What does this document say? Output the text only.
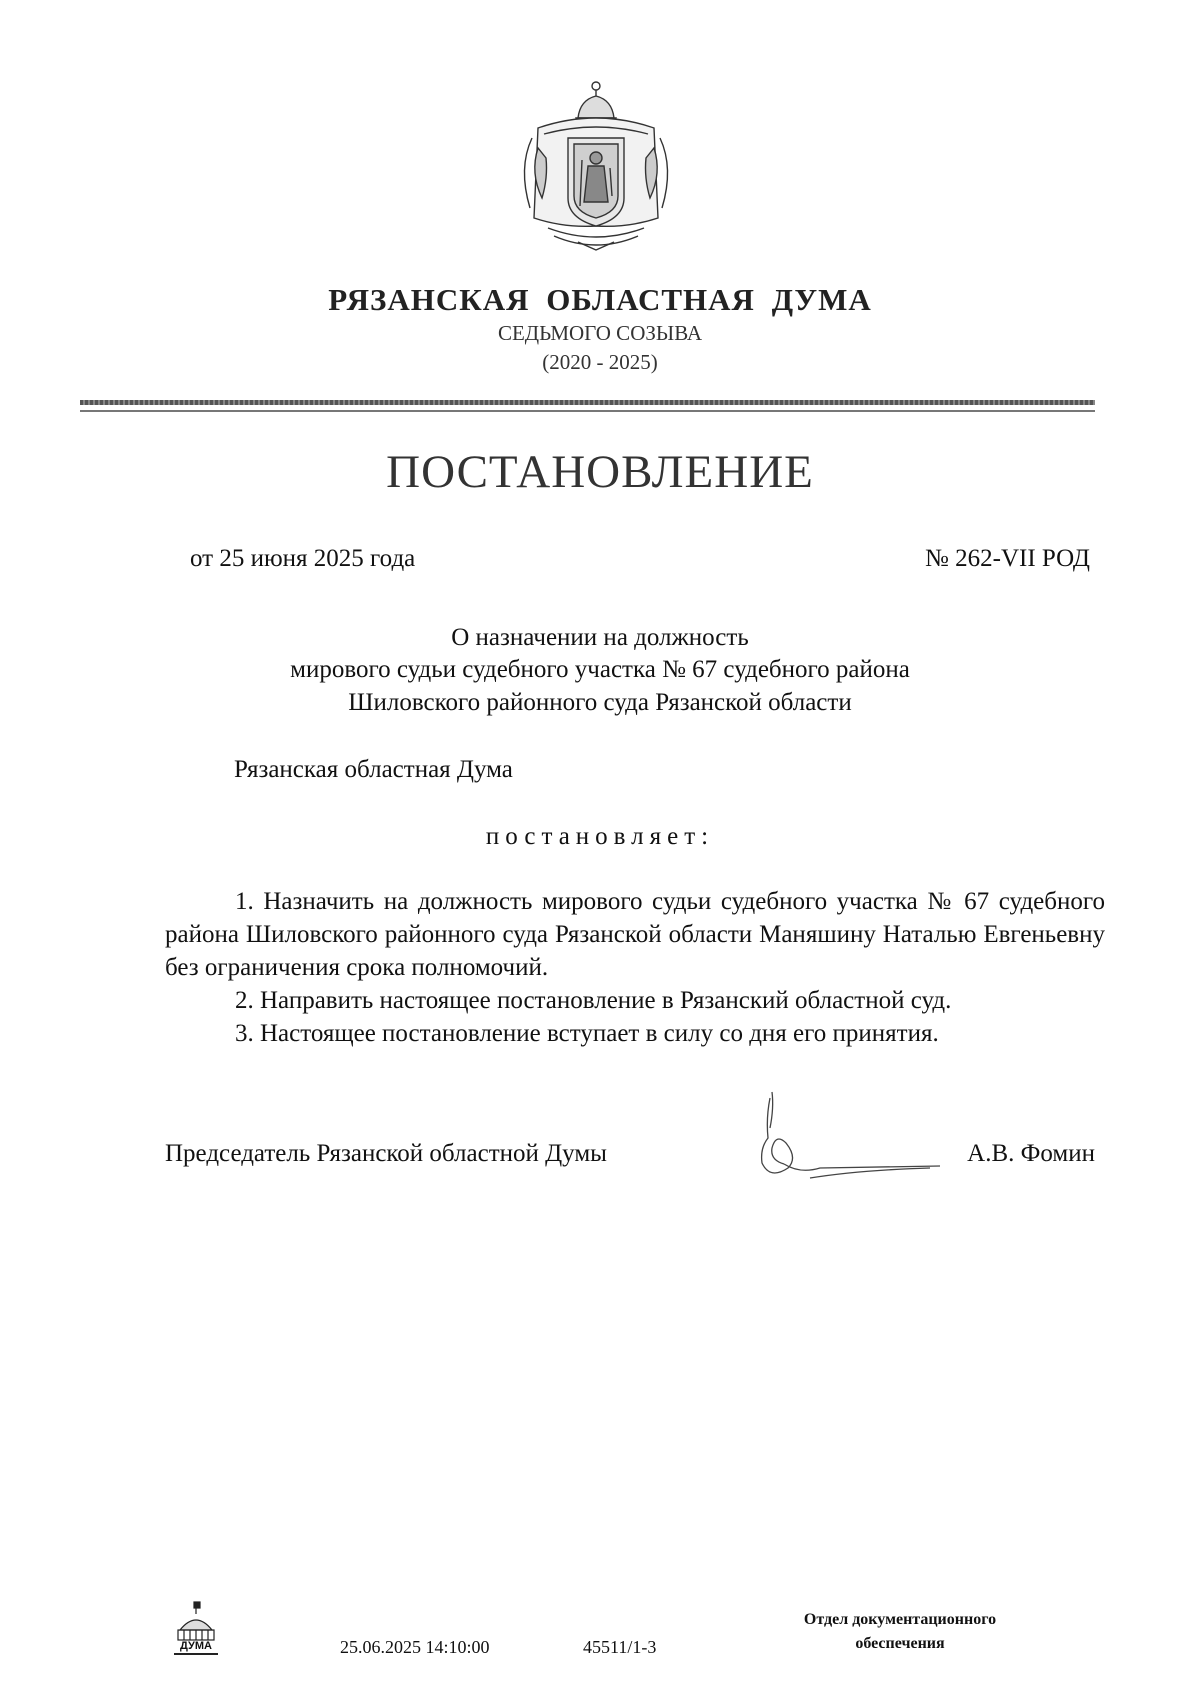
РЯЗАНСКАЯ ОБЛАСТНАЯ ДУМА
СЕДЬМОГО СОЗЫВА
(2020 - 2025)
ПОСТАНОВЛЕНИЕ
от 25 июня 2025 года	№ 262-VII РОД
О назначении на должность
мирового судьи судебного участка № 67 судебного района
Шиловского районного суда Рязанской области
Рязанская областная Дума
постановляет:

1. Назначить на должность мирового судьи судебного участка № 67 судебного района Шиловского районного суда Рязанской области Маняшину Наталью Евгеньевну без ограничения срока полномочий.

2. Направить настоящее постановление в Рязанский областной суд.

3. Настоящее постановление вступает в силу со дня его принятия.

Председатель Рязанской областной Думы	А.В. Фомин
ДУМА	25.06.2025 14:10:00	45511/1-3
Отдел документационного
обеспечения
